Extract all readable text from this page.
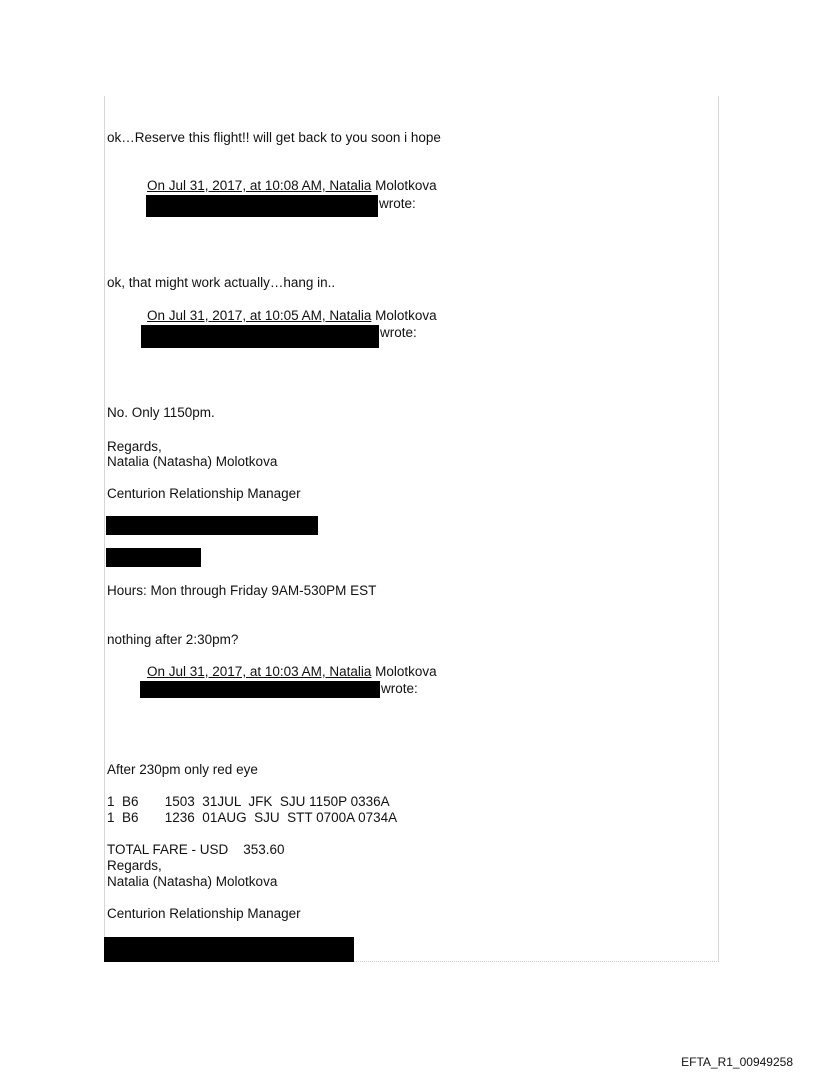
ok…Reserve this flight!! will get back to you soon i hope
On Jul 31, 2017, at 10:08 AM, Natalia Molotkova
wrote:
ok, that might work actually…hang in..
On Jul 31, 2017, at 10:05 AM, Natalia Molotkova
wrote:
No. Only 1150pm.
Regards,
Natalia (Natasha) Molotkova
Centurion Relationship Manager
Hours: Mon through Friday 9AM-530PM EST
nothing after 2:30pm?
On Jul 31, 2017, at 10:03 AM, Natalia Molotkova
wrote:
After 230pm only red eye
1  B6       1503  31JUL  JFK  SJU 1150P 0336A
1  B6       1236  01AUG  SJU  STT 0700A 0734A
TOTAL FARE - USD    353.60
Regards,
Natalia (Natasha) Molotkova
Centurion Relationship Manager
EFTA_R1_00949258
